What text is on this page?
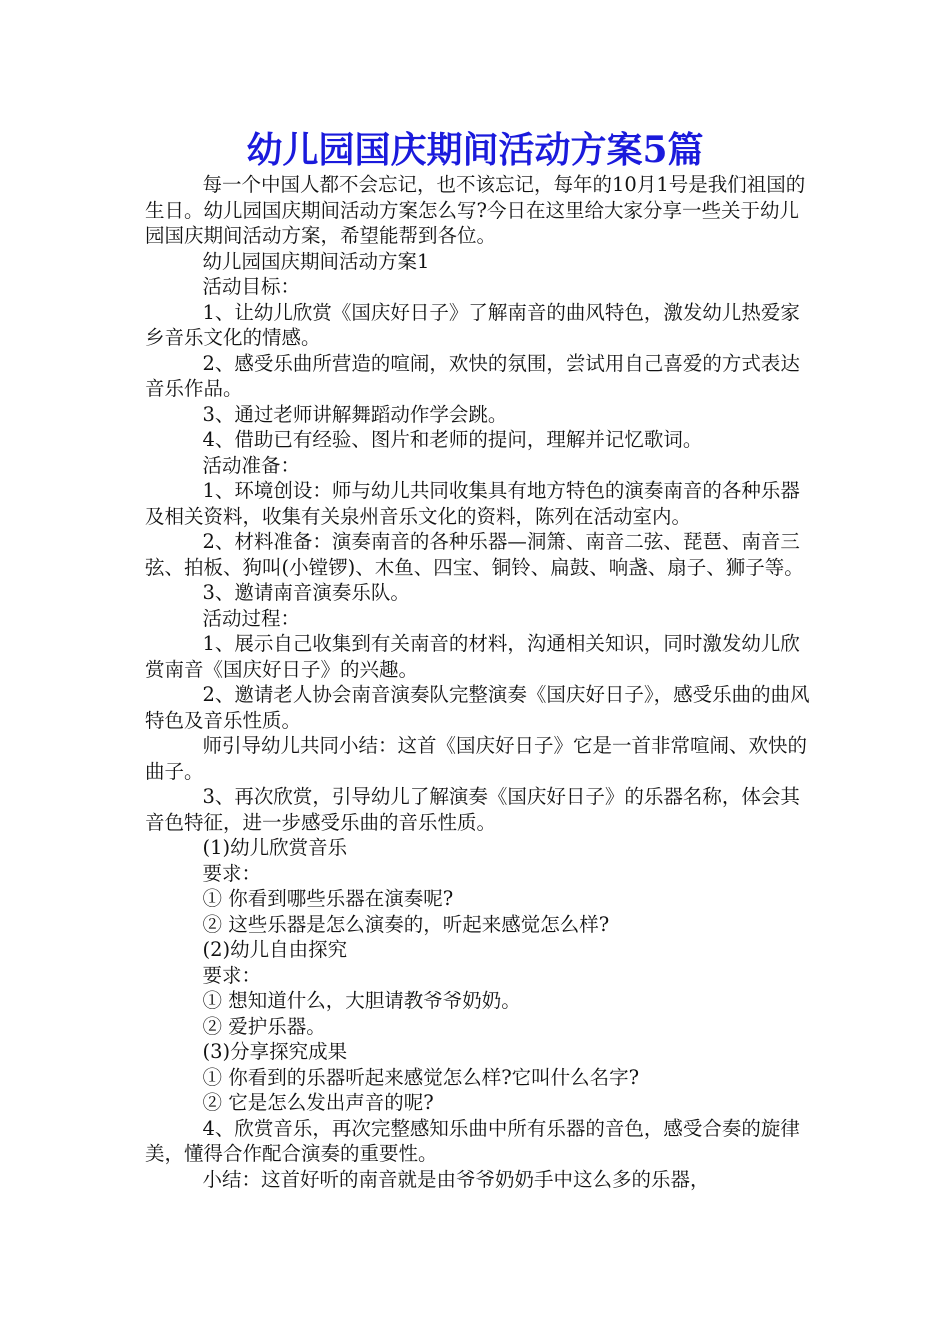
幼儿园国庆期间活动方案5篇

每一个中国人都不会忘记，也不该忘记，每年的10月1号是我们祖国的生日。幼儿园国庆期间活动方案怎么写?今日在这里给大家分享一些关于幼儿园国庆期间活动方案，希望能帮到各位。

幼儿园国庆期间活动方案1

活动目标：

1、让幼儿欣赏《国庆好日子》了解南音的曲风特色，激发幼儿热爱家乡音乐文化的情感。

2、感受乐曲所营造的喧闹，欢快的氛围，尝试用自己喜爱的方式表达音乐作品。

3、通过老师讲解舞蹈动作学会跳。

4、借助已有经验、图片和老师的提问，理解并记忆歌词。

活动准备：

1、环境创设：师与幼儿共同收集具有地方特色的演奏南音的各种乐器及相关资料，收集有关泉州音乐文化的资料，陈列在活动室内。

2、材料准备：演奏南音的各种乐器—洞箫、南音二弦、琵琶、南音三弦、拍板、狗叫(小镗锣)、木鱼、四宝、铜铃、扁鼓、响盏、扇子、狮子等。

3、邀请南音演奏乐队。

活动过程：

1、展示自己收集到有关南音的材料，沟通相关知识，同时激发幼儿欣赏南音《国庆好日子》的兴趣。

2、邀请老人协会南音演奏队完整演奏《国庆好日子》，感受乐曲的曲风特色及音乐性质。

师引导幼儿共同小结：这首《国庆好日子》它是一首非常喧闹、欢快的曲子。

3、再次欣赏，引导幼儿了解演奏《国庆好日子》的乐器名称，体会其音色特征，进一步感受乐曲的音乐性质。

(1)幼儿欣赏音乐

要求：

① 你看到哪些乐器在演奏呢?

② 这些乐器是怎么演奏的，听起来感觉怎么样?

(2)幼儿自由探究

要求：

① 想知道什么，大胆请教爷爷奶奶。

② 爱护乐器。

(3)分享探究成果

① 你看到的乐器听起来感觉怎么样?它叫什么名字?

② 它是怎么发出声音的呢?

4、欣赏音乐，再次完整感知乐曲中所有乐器的音色，感受合奏的旋律美，懂得合作配合演奏的重要性。

小结：这首好听的南音就是由爷爷奶奶手中这么多的乐器，
